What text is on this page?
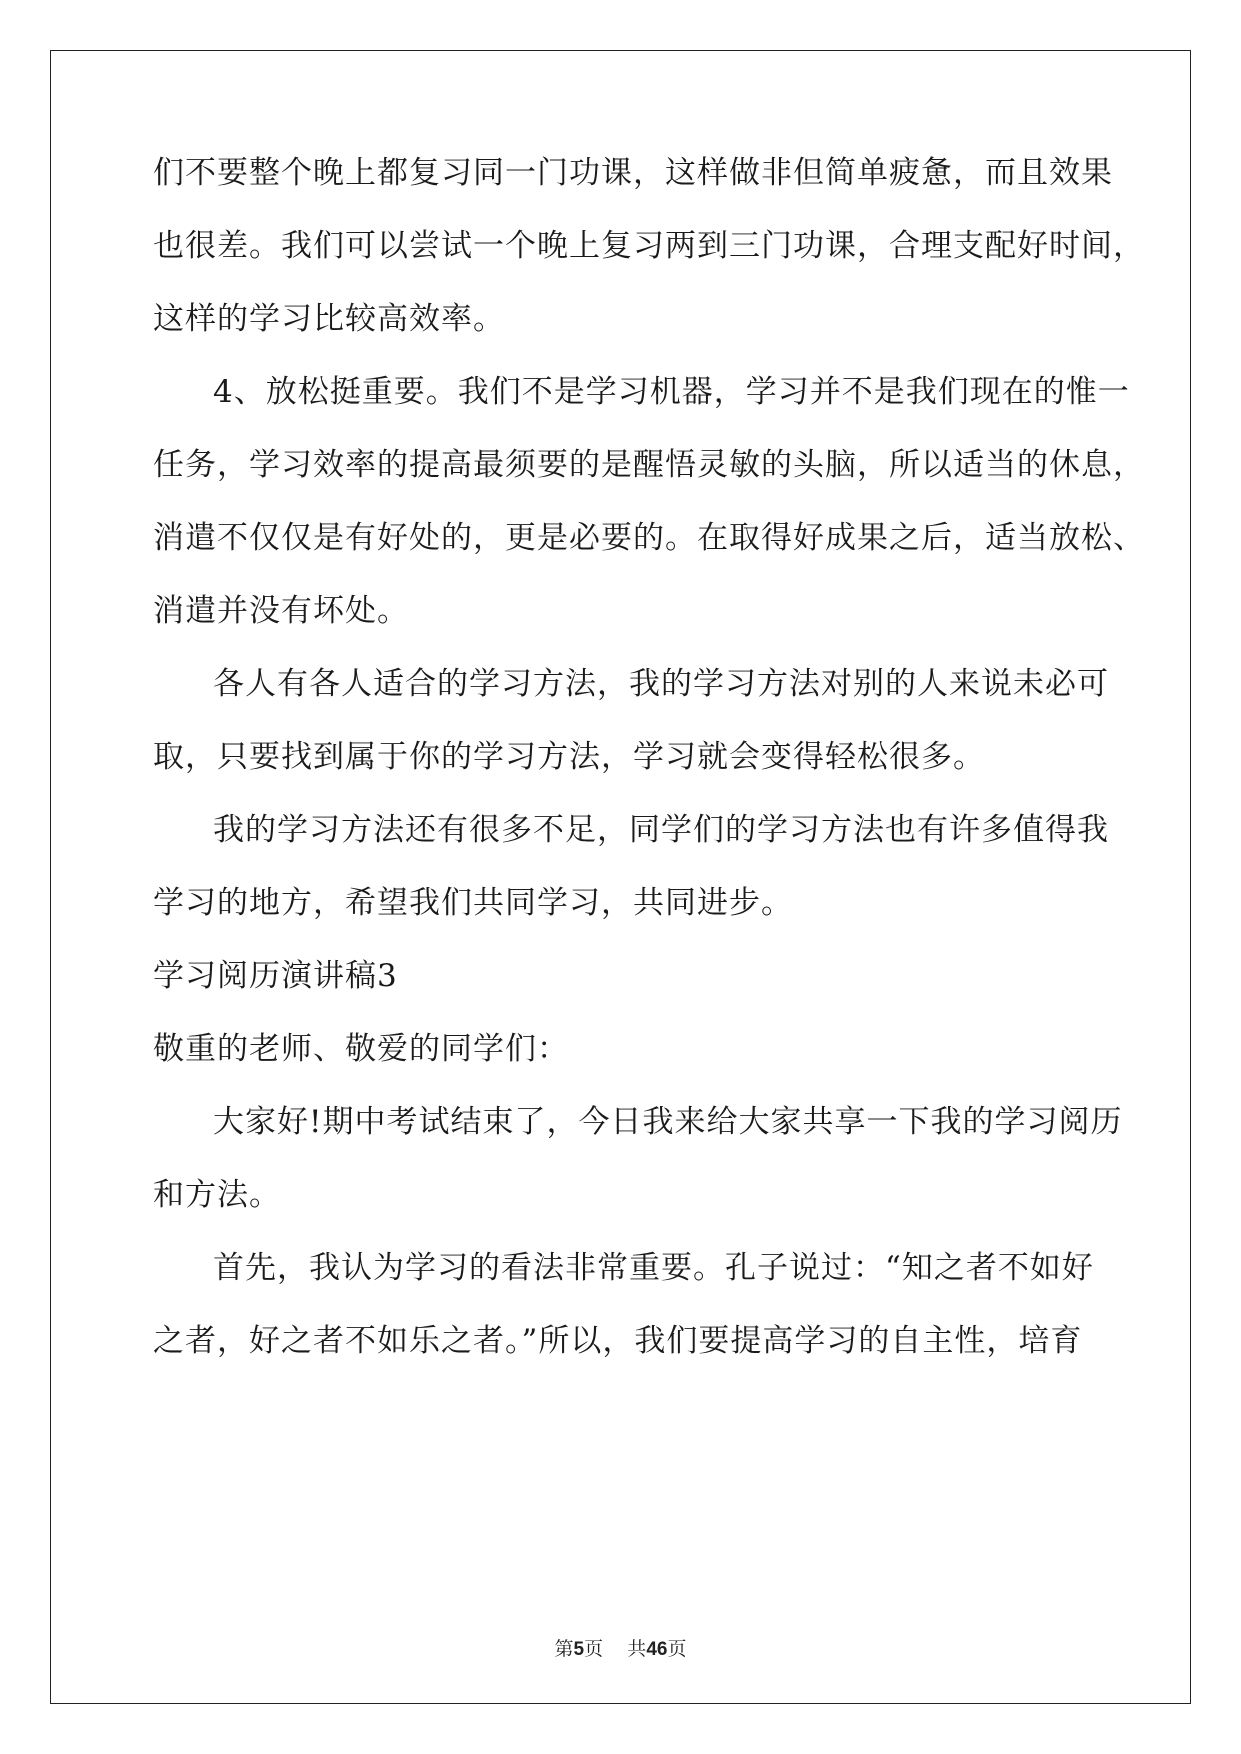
们不要整个晚上都复习同一门功课，这样做非但简单疲惫，而且效果
也很差。我们可以尝试一个晚上复习两到三门功课，合理支配好时间，
这样的学习比较高效率。
4、放松挺重要。我们不是学习机器，学习并不是我们现在的惟一
任务，学习效率的提高最须要的是醒悟灵敏的头脑，所以适当的休息，
消遣不仅仅是有好处的，更是必要的。在取得好成果之后，适当放松、
消遣并没有坏处。
各人有各人适合的学习方法，我的学习方法对别的人来说未必可
取，只要找到属于你的学习方法，学习就会变得轻松很多。
我的学习方法还有很多不足，同学们的学习方法也有许多值得我
学习的地方，希望我们共同学习，共同进步。
学习阅历演讲稿3
敬重的老师、敬爱的同学们：
大家好!期中考试结束了，今日我来给大家共享一下我的学习阅历
和方法。
首先，我认为学习的看法非常重要。孔子说过：“知之者不如好
之者，好之者不如乐之者。”所以，我们要提高学习的自主性，培育
第5页 共46页
